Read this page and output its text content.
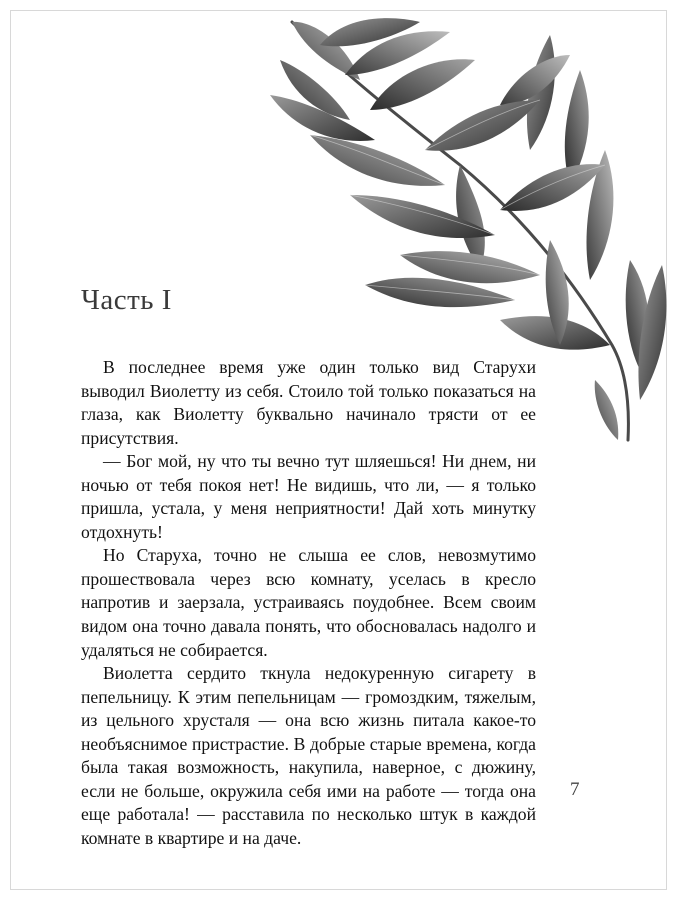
Часть I

В последнее время уже один только вид Старухи выводил Виолетту из себя. Стоило той только показаться на глаза, как Виолетту буквально начинало трясти от ее присутствия.

— Бог мой, ну что ты вечно тут шляешься! Ни днем, ни ночью от тебя покоя нет! Не видишь, что ли, — я только пришла, устала, у меня неприятности! Дай хоть минутку отдохнуть!

Но Старуха, точно не слыша ее слов, невозмутимо прошествовала через всю комнату, уселась в кресло напротив и заерзала, устраиваясь поудобнее. Всем своим видом она точно давала понять, что обосновалась надолго и удаляться не собирается.

Виолетта сердито ткнула недокуренную сигарету в пепельницу. К этим пепельницам — громоздким, тяжелым, из цельного хрусталя — она всю жизнь питала какое-то необъяснимое пристрастие. В добрые старые времена, когда была такая возможность, накупила, наверное, с дюжину, если не больше, окружила себя ими на работе — тогда она еще работала! — расставила по несколько штук в каждой комнате в квартире и на даче.

7
